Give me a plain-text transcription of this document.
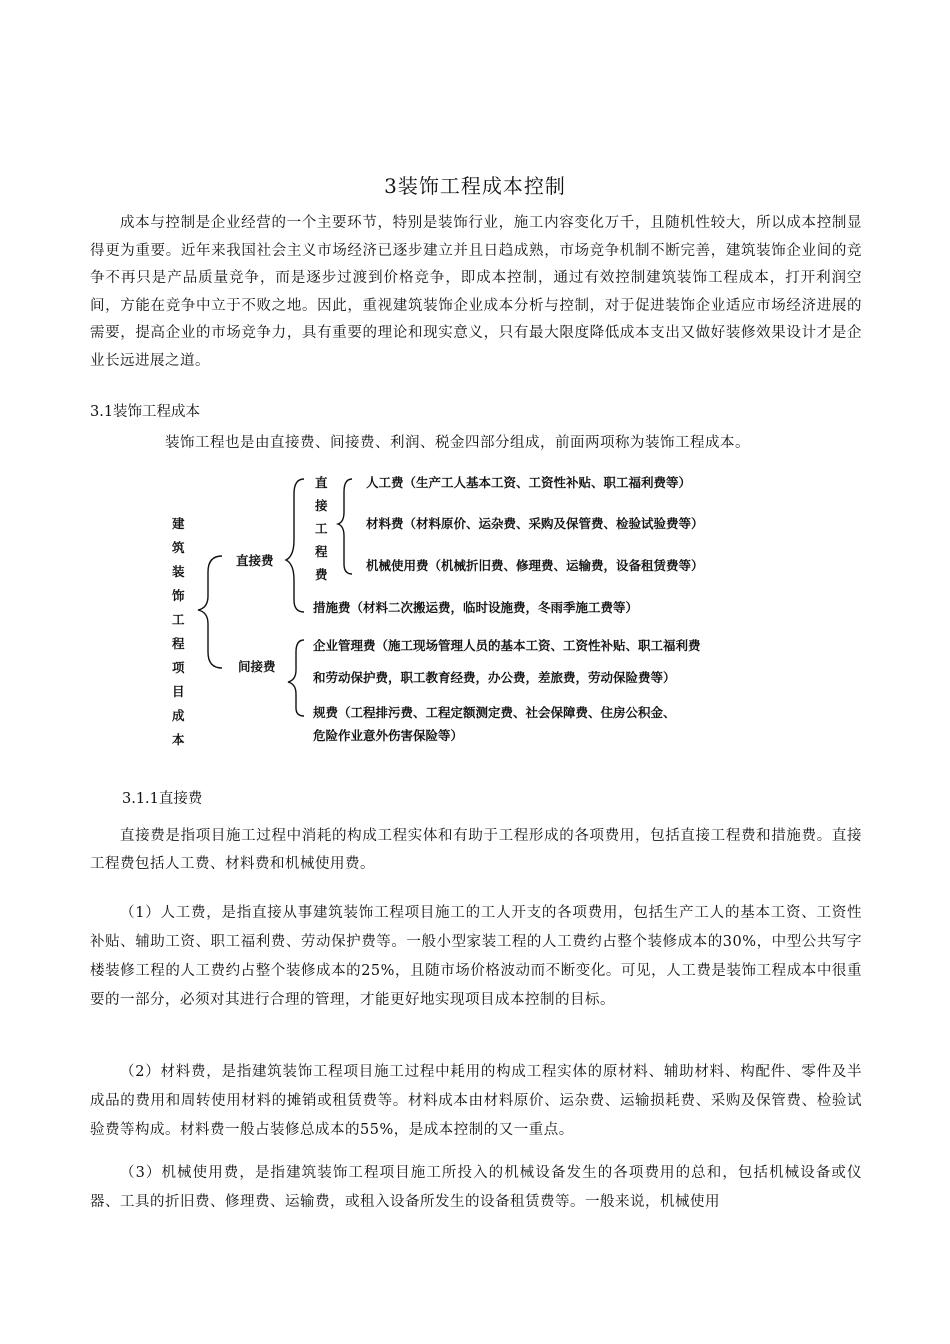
3装饰工程成本控制

成本与控制是企业经营的一个主要环节，特别是装饰行业，施工内容变化万千，且随机性较大，所以成本控制显得更为重要。近年来我国社会主义市场经济已逐步建立并且日趋成熟，市场竞争机制不断完善，建筑装饰企业间的竞争不再只是产品质量竞争，而是逐步过渡到价格竞争，即成本控制，通过有效控制建筑装饰工程成本，打开利润空间，方能在竞争中立于不败之地。因此，重视建筑装饰企业成本分析与控制，对于促进装饰企业适应市场经济进展的需要，提高企业的市场竞争力，具有重要的理论和现实意义，只有最大限度降低成本支出又做好装修效果设计才是企业长远进展之道。

3.1装饰工程成本

装饰工程也是由直接费、间接费、利润、税金四部分组成，前面两项称为装饰工程成本。

建
筑
装
饰
工
程
项
目
成
本
直接费
间接费
直
接
工
程
费
人工费（生产工人基本工资、工资性补贴、职工福利费等）
材料费（材料原价、运杂费、采购及保管费、检验试验费等）
机械使用费（机械折旧费、修理费、运输费，设备租赁费等）
措施费（材料二次搬运费，临时设施费，冬雨季施工费等）
企业管理费（施工现场管理人员的基本工资、工资性补贴、职工福利费
和劳动保护费，职工教育经费，办公费，差旅费，劳动保险费等）
规费（工程排污费、工程定额测定费、社会保障费、住房公积金、
危险作业意外伤害保险等）
3.1.1直接费

直接费是指项目施工过程中消耗的构成工程实体和有助于工程形成的各项费用，包括直接工程费和措施费。直接工程费包括人工费、材料费和机械使用费。

（1）人工费，是指直接从事建筑装饰工程项目施工的工人开支的各项费用，包括生产工人的基本工资、工资性补贴、辅助工资、职工福利费、劳动保护费等。一般小型家装工程的人工费约占整个装修成本的30%，中型公共写字楼装修工程的人工费约占整个装修成本的25%，且随市场价格波动而不断变化。可见，人工费是装饰工程成本中很重要的一部分，必须对其进行合理的管理，才能更好地实现项目成本控制的目标。

（2）材料费，是指建筑装饰工程项目施工过程中耗用的构成工程实体的原材料、辅助材料、构配件、零件及半成品的费用和周转使用材料的摊销或租赁费等。材料成本由材料原价、运杂费、运输损耗费、采购及保管费、检验试验费等构成。材料费一般占装修总成本的55%，是成本控制的又一重点。

（3）机械使用费，是指建筑装饰工程项目施工所投入的机械设备发生的各项费用的总和，包括机械设备或仪器、工具的折旧费、修理费、运输费，或租入设备所发生的设备租赁费等。一般来说，机械使用
